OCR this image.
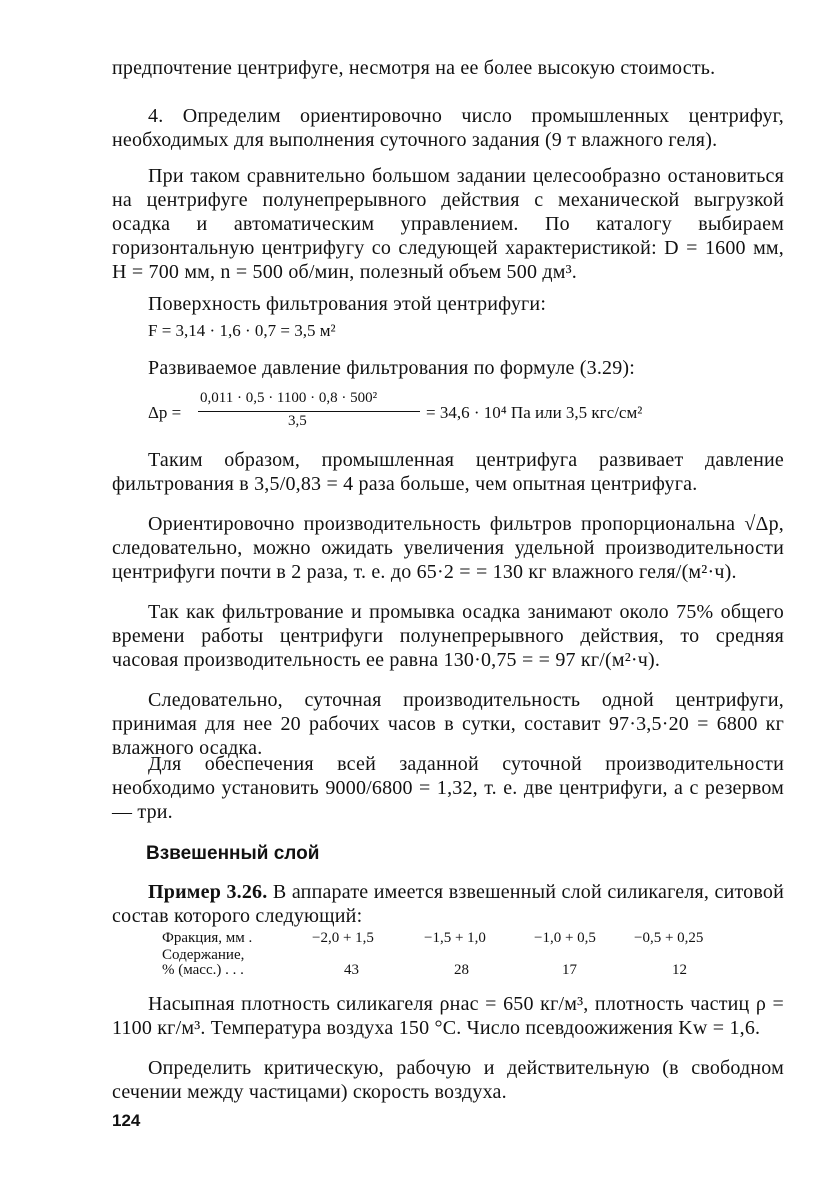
предпочтение центрифуге, несмотря на ее более высокую стоимость.

4. Определим ориентировочно число промышленных центрифуг, необходимых для выполнения суточного задания (9 т влажного геля).

При таком сравнительно большом задании целесообразно остановиться на центрифуге полунепрерывного действия с механической выгрузкой осадка и автоматическим управлением. По каталогу выбираем горизонтальную центрифугу со следующей характеристикой: D = 1600 мм, H = 700 мм, n = 500 об/мин, полезный объем 500 дм³.

Поверхность фильтрования этой центрифуги:

F = 3,14 · 1,6 · 0,7 = 3,5 м²

Развиваемое давление фильтрования по формуле (3.29):

Δp =
0,011 · 0,5 · 1100 · 0,8 · 500²
3,5	= 34,6 · 10⁴ Па или 3,5 кгс/см²

Таким образом, промышленная центрифуга развивает давление фильтрования в 3,5/0,83 = 4 раза больше, чем опытная центрифуга.

Ориентировочно производительность фильтров пропорциональна √Δp, следовательно, можно ожидать увеличения удельной производительности центрифуги почти в 2 раза, т. е. до 65·2 = = 130 кг влажного геля/(м²·ч).

Так как фильтрование и промывка осадка занимают около 75% общего времени работы центрифуги полунепрерывного действия, то средняя часовая производительность ее равна 130·0,75 = = 97 кг/(м²·ч).

Следовательно, суточная производительность одной центрифуги, принимая для нее 20 рабочих часов в сутки, составит 97·3,5·20 = 6800 кг влажного осадка.

Для обеспечения всей заданной суточной производительности необходимо установить 9000/6800 = 1,32, т. е. две центрифуги, а с резервом — три.

Взвешенный слой

Пример 3.26. В аппарате имеется взвешенный слой силикагеля, ситовой состав которого следующий:

Фракция, мм .	−2,0 + 1,5	−1,5 + 1,0	−1,0 + 0,5	−0,5 + 0,25
Содержание,
% (масс.) . . .	43	28	17	12

Насыпная плотность силикагеля ρнас = 650 кг/м³, плотность частиц ρ = 1100 кг/м³. Температура воздуха 150 °С. Число псевдоожижения Kw = 1,6.

Определить критическую, рабочую и действительную (в свободном сечении между частицами) скорость воздуха.

124
